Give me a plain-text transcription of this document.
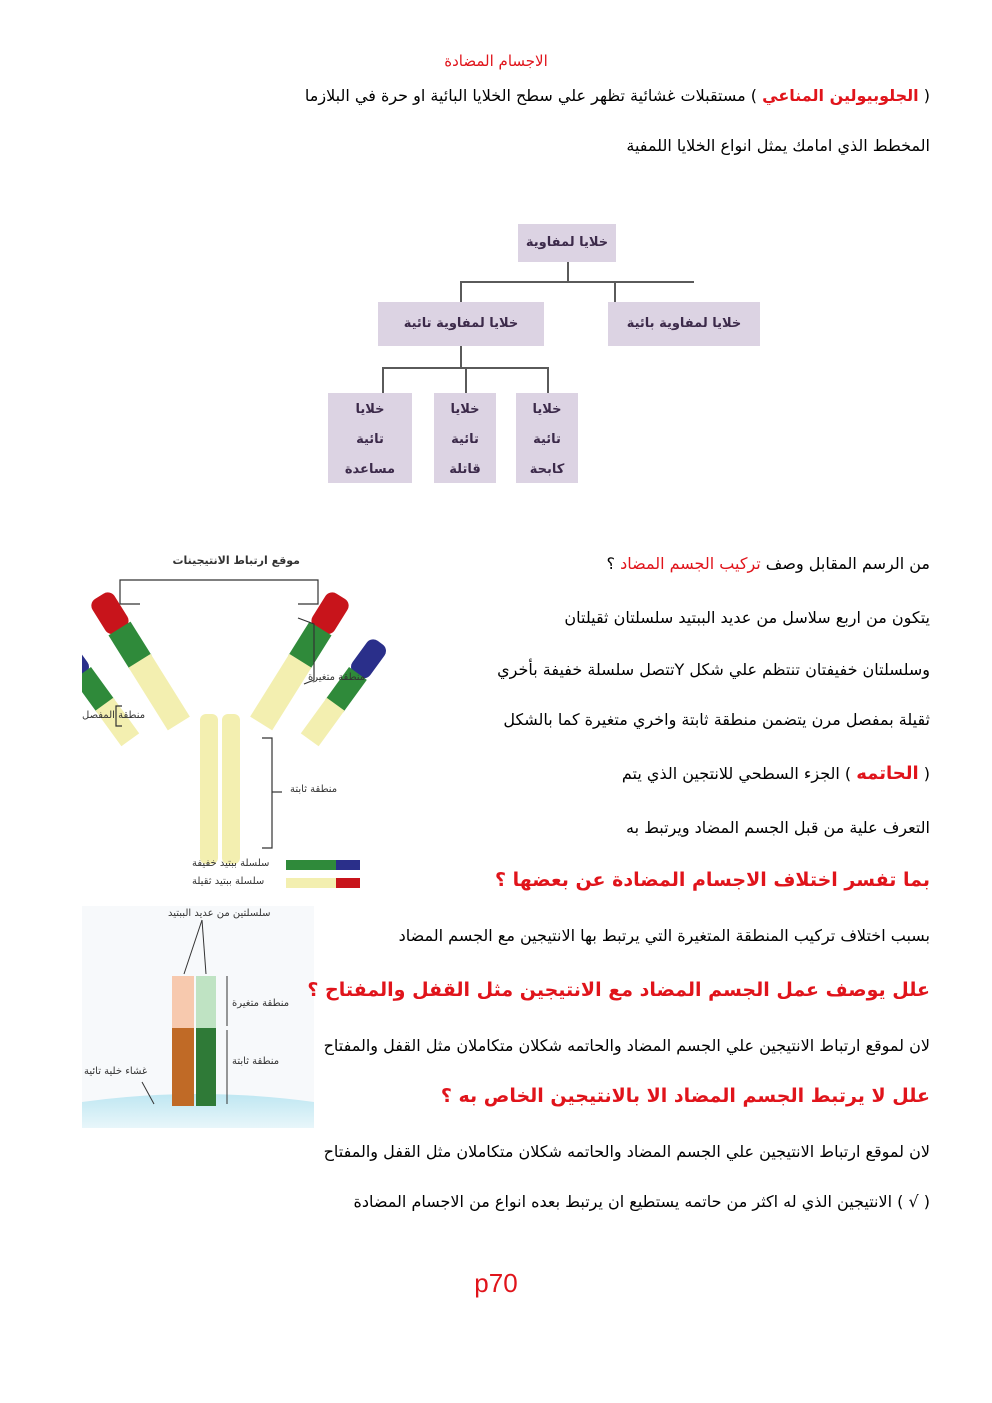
الاجسام المضادة
( الجلوبيولين المناعي ) مستقبلات غشائية تظهر علي سطح الخلايا البائية او حرة في البلازما
المخطط الذي امامك يمثل انواع الخلايا اللمفية
خلايا لمفاوية
خلايا لمفاوية تائية	خلايا لمفاوية بائية
خلايا
تائية
كابحة
خلايا
تائية
قاتلة
خلايا
تائية
مساعدة
موقع ارتباط الانتيجينات
منطقة متغيرة
منطقة المفصل
منطقة ثابتة
سلسلة ببتيد خفيفة
سلسلة ببتيد ثقيلة
سلسلتين من عديد الببتيد
منطقة متغيرة
منطقة ثابتة
غشاء خلية تائية
من الرسم المقابل وصف تركيب الجسم المضاد ؟
يتكون من اربع سلاسل من عديد الببتيد سلسلتان ثقيلتان
وسلسلتان خفيفتان تنتظم علي شكل Yتتصل سلسلة خفيفة بأخري
ثقيلة بمفصل مرن يتضمن منطقة ثابتة واخري متغيرة كما بالشكل
( الحاتمه ) الجزء السطحي للانتجين الذي يتم
التعرف علية من قبل الجسم المضاد ويرتبط به
بما تفسر اختلاف الاجسام المضادة عن بعضها ؟
بسبب اختلاف تركيب المنطقة المتغيرة التي يرتبط بها الانتيجين مع الجسم المضاد
علل يوصف عمل الجسم المضاد مع الانتيجين مثل القفل والمفتاح ؟
لان لموقع ارتباط الانتيجين علي الجسم المضاد والحاتمه شكلان متكاملان مثل القفل والمفتاح
علل لا يرتبط الجسم المضاد الا بالانتيجين الخاص به ؟
لان لموقع ارتباط الانتيجين علي الجسم المضاد والحاتمه شكلان متكاملان مثل القفل والمفتاح
( √ ) الانتيجين الذي له اكثر من حاتمه يستطيع ان يرتبط بعده انواع من الاجسام المضادة
p70
